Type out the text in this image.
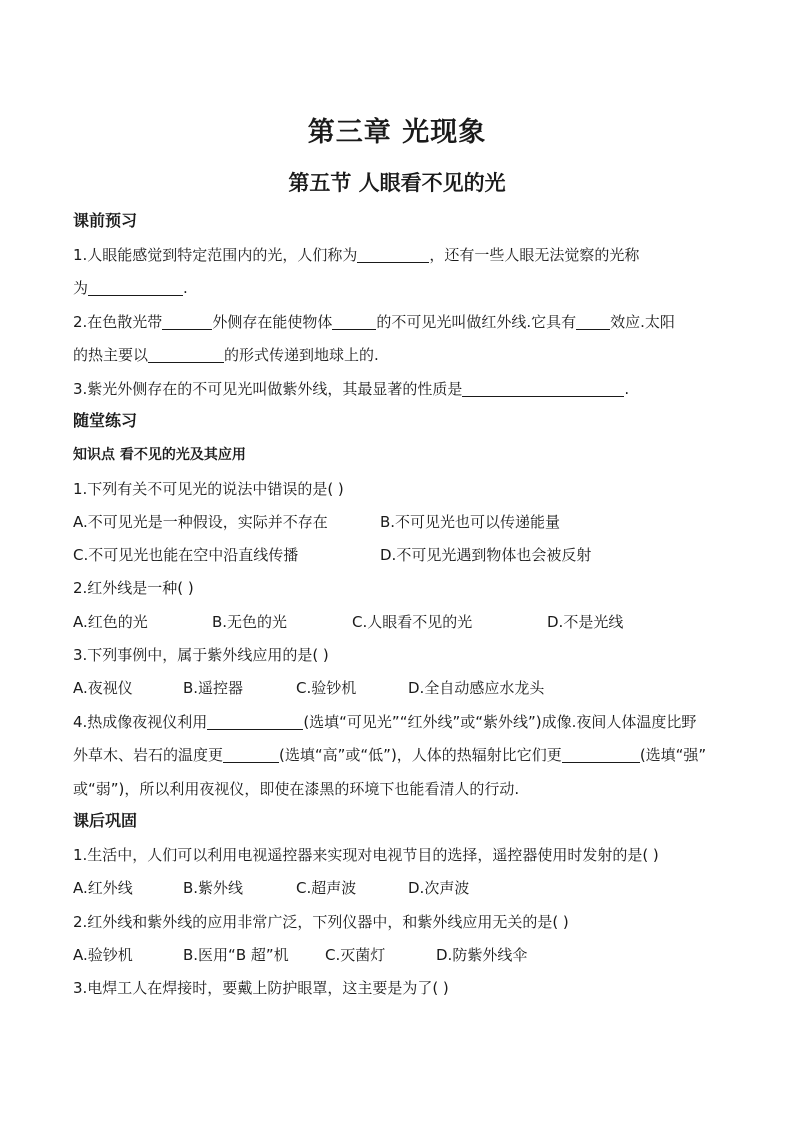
第三章 光现象
第五节 人眼看不见的光
课前预习
1.人眼能感觉到特定范围内的光，人们称为	，还有一些人眼无法觉察的光称
为	.
2.在色散光带	外侧存在能使物体	的不可见光叫做红外线.它具有 效应.太阳
的热主要以	的形式传递到地球上的.
3.紫光外侧存在的不可见光叫做紫外线，其最显著的性质是	.
随堂练习
知识点 看不见的光及其应用
1.下列有关不可见光的说法中错误的是( )
A.不可见光是一种假设，实际并不存在	B.不可见光也可以传递能量
C.不可见光也能在空中沿直线传播	D.不可见光遇到物体也会被反射
2.红外线是一种( )
A.红色的光	B.无色的光	C.人眼看不见的光	D.不是光线
3.下列事例中，属于紫外线应用的是( )
A.夜视仪	B.遥控器	C.验钞机	D.全自动感应水龙头
4.热成像夜视仪利用	(选填“可见光”“红外线”或“紫外线”)成像.夜间人体温度比野
外草木、岩石的温度更	(选填“高”或“低”)，人体的热辐射比它们更	(选填“强”
或“弱”)，所以利用夜视仪，即使在漆黑的环境下也能看清人的行动.
课后巩固
1.生活中，人们可以利用电视遥控器来实现对电视节目的选择，遥控器使用时发射的是( )
A.红外线	B.紫外线	C.超声波	D.次声波
2.红外线和紫外线的应用非常广泛，下列仪器中，和紫外线应用无关的是( )
A.验钞机	B.医用“B 超”机 C.灭菌灯	D.防紫外线伞
3.电焊工人在焊接时，要戴上防护眼罩，这主要是为了( )
